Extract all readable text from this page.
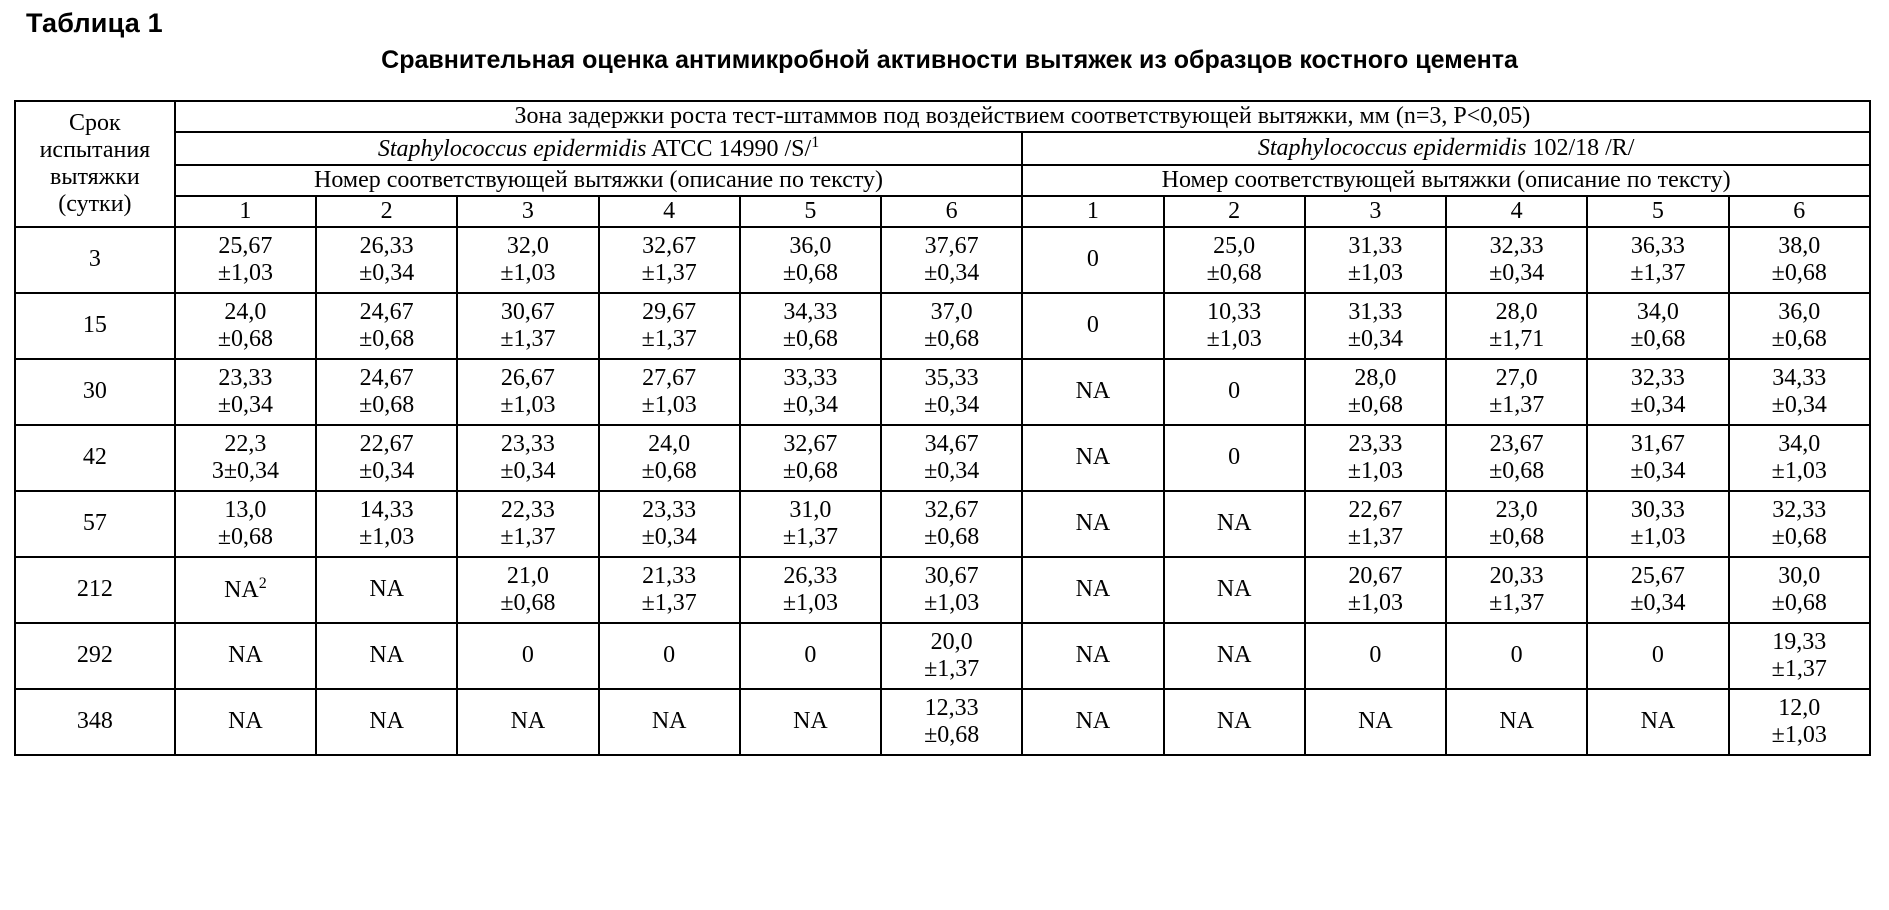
Таблица 1
Сравнительная оценка антимикробной активности вытяжек из образцов костного цемента
Срок
испытания
вытяжки
(сутки)	Зона задержки роста тест-штаммов под воздействием соответствующей вытяжки, мм (n=3, P<0,05)											
	Staphylococcus epidermidis ATCC 14990 /S/$^1$						Staphylococcus epidermidis 102/18 /R/					
	Номер соответствующей вытяжки (описание по тексту)						Номер соответствующей вытяжки (описание по тексту)					
	1	2	3	4	5	6	1	2	3	4	5	6
3	25,67
±1,03	26,33
±0,34	32,0
±1,03	32,67
±1,37	36,0
±0,68	37,67
±0,34	0	25,0
±0,68	31,33
±1,03	32,33
±0,34	36,33
±1,37	38,0
±0,68

15	24,0
±0,68	24,67
±0,68	30,67
±1,37	29,67
±1,37	34,33
±0,68	37,0
±0,68	0	10,33
±1,03	31,33
±0,34	28,0
±1,71	34,0
±0,68	36,0
±0,68

30	23,33
±0,34	24,67
±0,68	26,67
±1,03	27,67
±1,03	33,33
±0,34	35,33
±0,34	NA	0	28,0
±0,68	27,0
±1,37	32,33
±0,34	34,33
±0,34

42	22,3
3±0,34	22,67
±0,34	23,33
±0,34	24,0
±0,68	32,67
±0,68	34,67
±0,34	NA	0	23,33
±1,03	23,67
±0,68	31,67
±0,34	34,0
±1,03

57	13,0
±0,68	14,33
±1,03	22,33
±1,37	23,33
±0,34	31,0
±1,37	32,67
±0,68	NA	NA	22,67
±1,37	23,0
±0,68	30,33
±1,03	32,33
±0,68

212	NA$^2$	NA	21,0
±0,68	21,33
±1,37	26,33
±1,03	30,67
±1,03	NA	NA	20,67
±1,03	20,33
±1,37	25,67
±0,34	30,0
±0,68

292	NA	NA	0	0	0	20,0
±1,37	NA	NA	0	0	0	19,33
±1,37

348	NA	NA	NA	NA	NA	12,33
±0,68	NA	NA	NA	NA	NA	12,0
±1,03
